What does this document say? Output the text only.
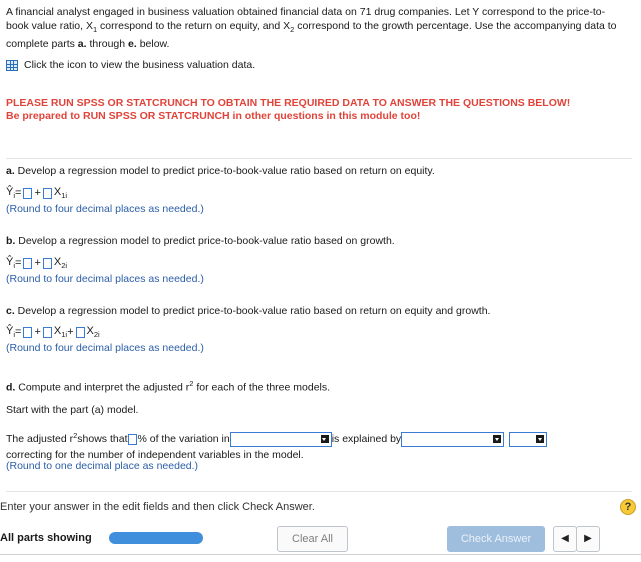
A financial analyst engaged in business valuation obtained financial data on 71 drug companies. Let Y correspond to the price-to-book value ratio, $X_1$ correspond to the return on equity, and $X_2$ correspond to the growth percentage. Use the accompanying data to complete parts a. through e. below.

Click the icon to view the business valuation data.
PLEASE RUN SPSS OR STATCRUNCH TO OBTAIN THE REQUIRED DATA TO ANSWER THE QUESTIONS BELOW!
Be prepared to RUN SPSS OR STATCRUNCH in other questions in this module too!
a. Develop a regression model to predict price-to-book-value ratio based on return on equity.
$Ŷ_i$ = + $X_{1i}$
(Round to four decimal places as needed.)
b. Develop a regression model to predict price-to-book-value ratio based on growth.
$Ŷ_i$ = + $X_{2i}$
(Round to four decimal places as needed.)
c. Develop a regression model to predict price-to-book-value ratio based on return on equity and growth.
$Ŷ_i$ = + $X_{1i} + X_{2i}$
(Round to four decimal places as needed.)
d. Compute and interpret the adjusted $r^2$ for each of the three models.
Start with the part (a) model.
The adjusted $r^2$ shows that % of the variation in	is explained by
correcting for the number of independent variables in the model.
(Round to one decimal place as needed.)
Enter your answer in the edit fields and then click Check Answer.	?
All parts showing	Clear All	Check Answer	◀	▶
